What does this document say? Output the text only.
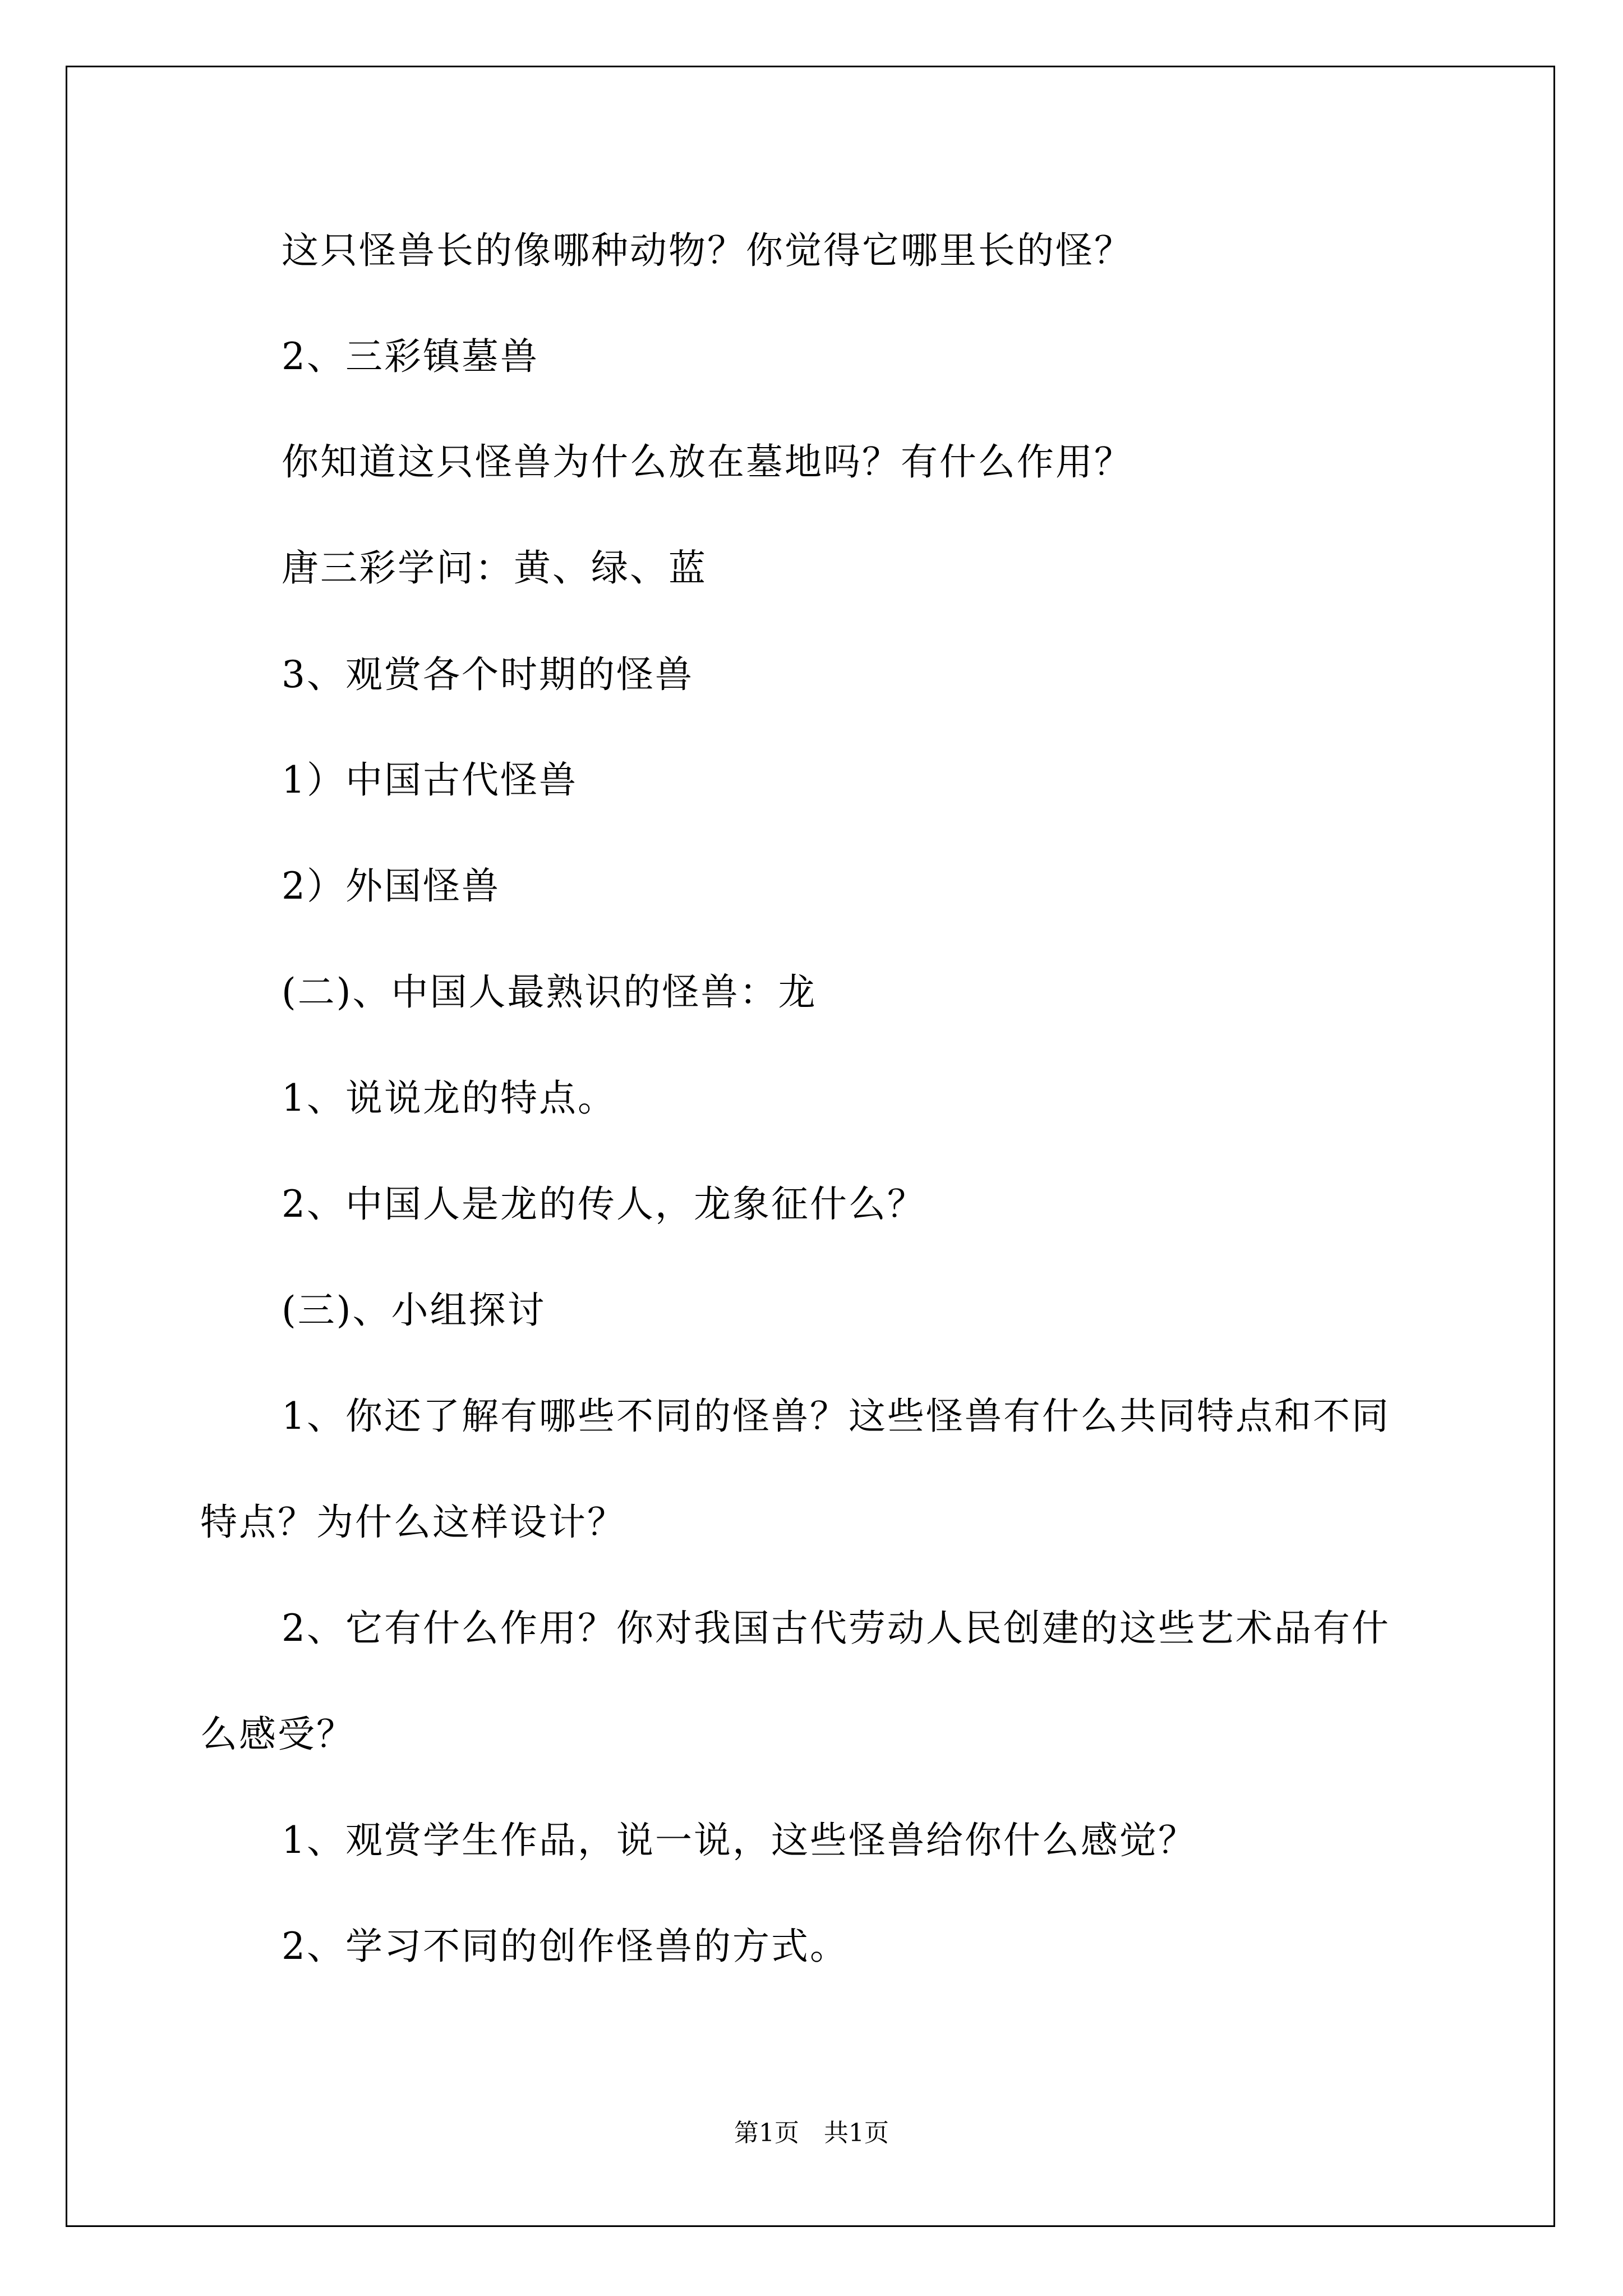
这只怪兽长的像哪种动物？你觉得它哪里长的怪？
2、三彩镇墓兽
你知道这只怪兽为什么放在墓地吗？有什么作用？
唐三彩学问：黄、绿、蓝
3、观赏各个时期的怪兽
1）中国古代怪兽
2）外国怪兽
(二)、中国人最熟识的怪兽：龙
1、说说龙的特点。
2、中国人是龙的传人，龙象征什么？
(三)、小组探讨
1、你还了解有哪些不同的怪兽？这些怪兽有什么共同特点和不同
特点？为什么这样设计？
2、它有什么作用？你对我国古代劳动人民创建的这些艺术品有什
么感受？
1、观赏学生作品，说一说，这些怪兽给你什么感觉？
2、学习不同的创作怪兽的方式。
第1页　共1页
